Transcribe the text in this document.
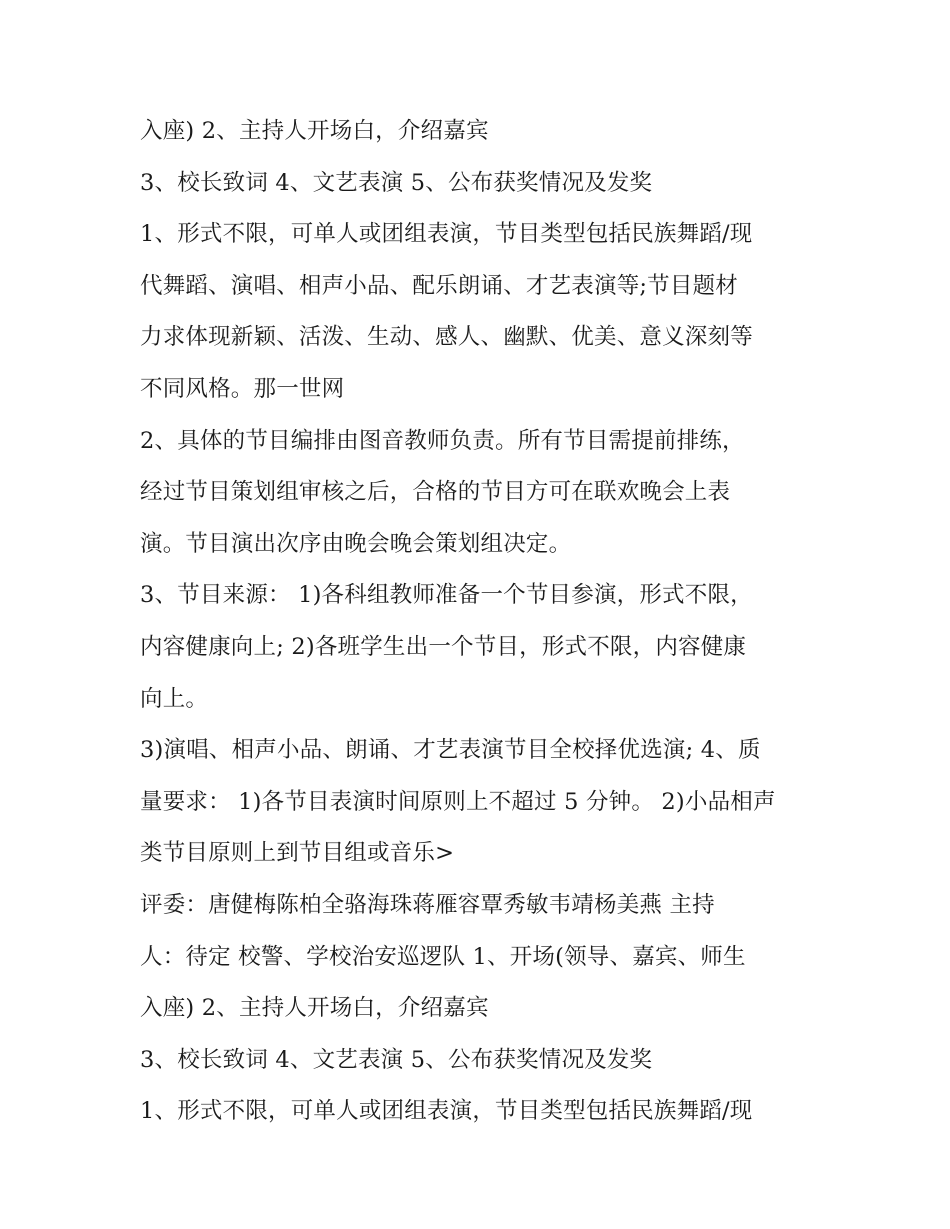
入座) 2、主持人开场白，介绍嘉宾
3、校长致词 4、文艺表演 5、公布获奖情况及发奖
1、形式不限，可单人或团组表演，节目类型包括民族舞蹈/现
代舞蹈、演唱、相声小品、配乐朗诵、才艺表演等;节目题材
力求体现新颖、活泼、生动、感人、幽默、优美、意义深刻等
不同风格。那一世网
2、具体的节目编排由图音教师负责。所有节目需提前排练，
经过节目策划组审核之后，合格的节目方可在联欢晚会上表
演。节目演出次序由晚会晚会策划组决定。
3、节目来源： 1)各科组教师准备一个节目参演，形式不限，
内容健康向上; 2)各班学生出一个节目，形式不限，内容健康
向上。
3)演唱、相声小品、朗诵、才艺表演节目全校择优选演; 4、质
量要求： 1)各节目表演时间原则上不超过 5 分钟。 2)小品相声
类节目原则上到节目组或音乐>
评委：唐健梅陈柏全骆海珠蒋雁容覃秀敏韦靖杨美燕 主持
人：待定 校警、学校治安巡逻队 1、开场(领导、嘉宾、师生
入座) 2、主持人开场白，介绍嘉宾
3、校长致词 4、文艺表演 5、公布获奖情况及发奖
1、形式不限，可单人或团组表演，节目类型包括民族舞蹈/现
